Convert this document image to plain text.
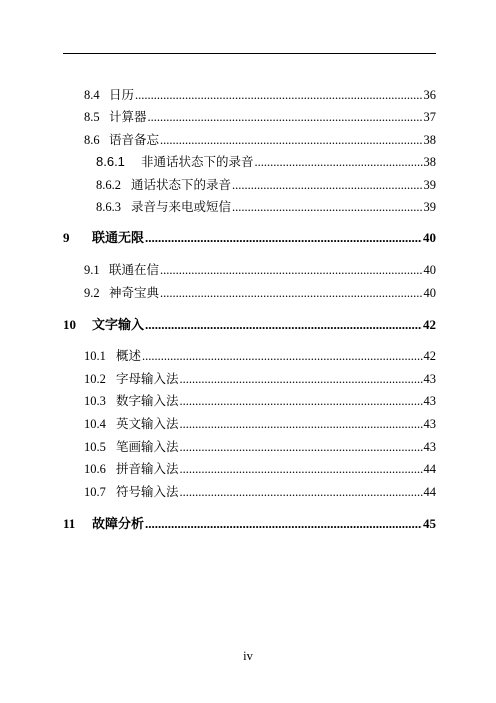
8.4 日历 .....	36
8.5 计算器 .....	37
8.6 语音备忘 .....	38
8.6.1	非通话状态下的录音 .....	38
8.6.2 通话状态下的录音 .....	39
8.6.3 录音与来电或短信 .....	39
9	联通无限 .....	40
9.1 联通在信 .....	40
9.2 神奇宝典 .....	40
10	文字输入 .....	42
10.1 概述 .....	42
10.2 字母输入法 .....	43
10.3 数字输入法 .....	43
10.4 英文输入法 .....	43
10.5 笔画输入法 .....	43
10.6 拼音输入法 .....	44
10.7 符号输入法 .....	44
11	故障分析 .....	45
iv
